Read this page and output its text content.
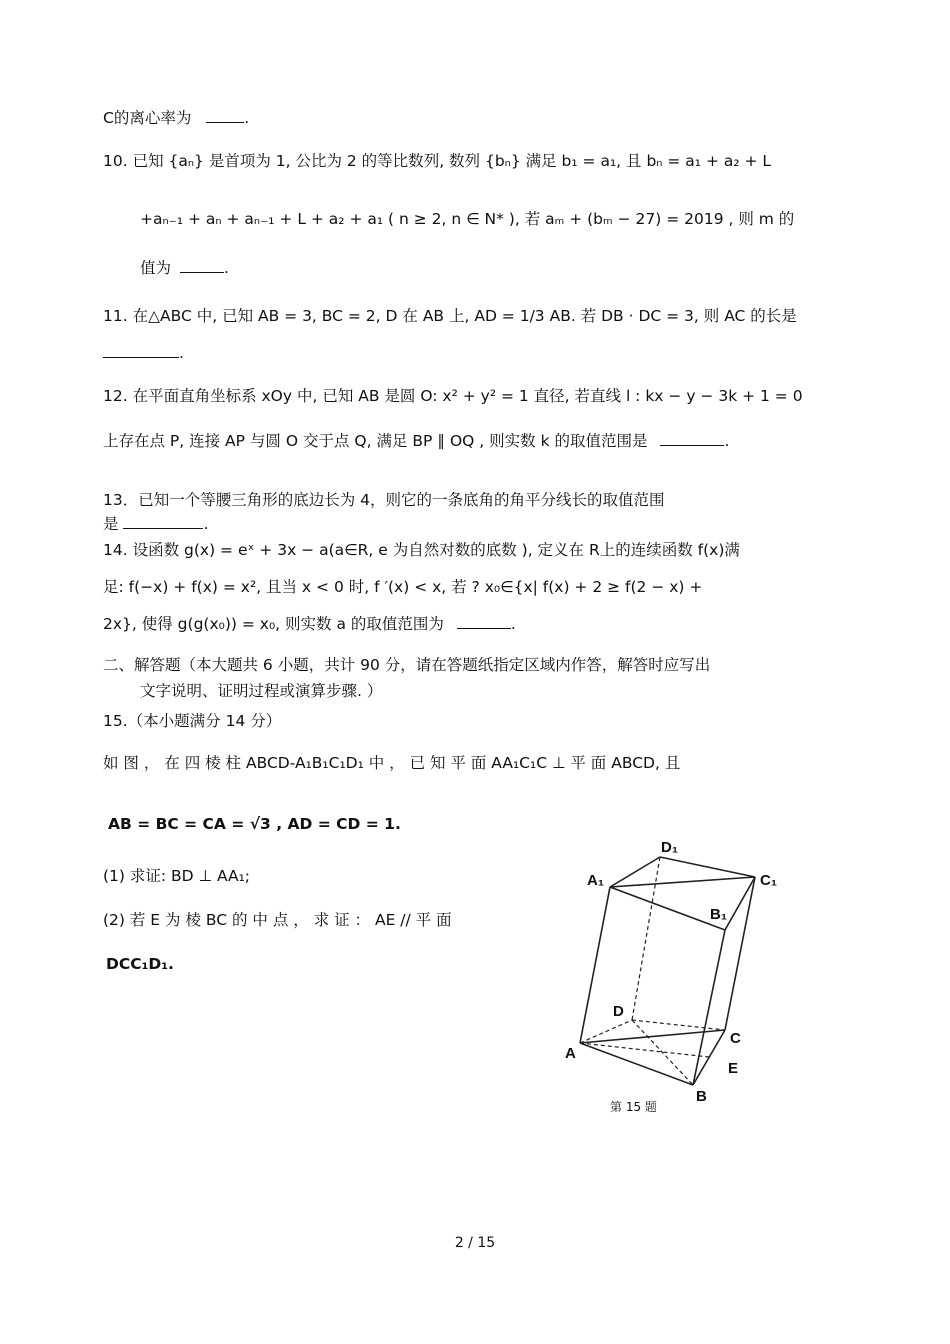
C的离心率为	.
10. 已知 {aₙ} 是首项为 1, 公比为 2 的等比数列, 数列 {bₙ} 满足 b₁ = a₁, 且 bₙ = a₁ + a₂ + L
+aₙ₋₁ + aₙ + aₙ₋₁ + L + a₂ + a₁ ( n ≥ 2, n ∈ N* ), 若 aₘ + (bₘ − 27) = 2019 , 则 m 的
值为	.
11. 在△ABC 中, 已知 AB = 3, BC = 2, D 在 AB 上, AD = 1/3 AB. 若 DB · DC = 3, 则 AC 的长是
.
12. 在平面直角坐标系 xOy 中, 已知 AB 是圆 O: x² + y² = 1 直径, 若直线 l : kx − y − 3k + 1 = 0
上存在点 P, 连接 AP 与圆 O 交于点 Q, 满足 BP ∥ OQ , 则实数 k 的取值范围是	.
13．已知一个等腰三角形的底边长为 4，则它的一条底角的角平分线长的取值范围
是	.
14. 设函数 g(x) = eˣ + 3x − a(a∈R, e 为自然对数的底数 ), 定义在 R上的连续函数 f(x)满
足: f(−x) + f(x) = x², 且当 x < 0 时, f ′(x) < x, 若 ? x₀∈{x| f(x) + 2 ≥ f(2 − x) +
2x}, 使得 g(g(x₀)) = x₀, 则实数 a 的取值范围为	.
二、解答题（本大题共 6 小题，共计 90 分，请在答题纸指定区域内作答，解答时应写出
文字说明、证明过程或演算步骤. ）
15.（本小题满分 14 分）
如 图 ， 在 四 棱 柱 ABCD-A₁B₁C₁D₁ 中 ， 已 知 平 面 AA₁C₁C ⊥ 平 面 ABCD, 且
AB = BC = CA = √3 , AD = CD = 1.
(1) 求证: BD ⊥ AA₁;
(2) 若 E 为 棱 BC 的 中 点 ， 求 证 ： AE // 平 面
DCC₁D₁.
D₁
A₁	C₁
B₁
D
C
A
E
B
第 15 题
2 / 15
